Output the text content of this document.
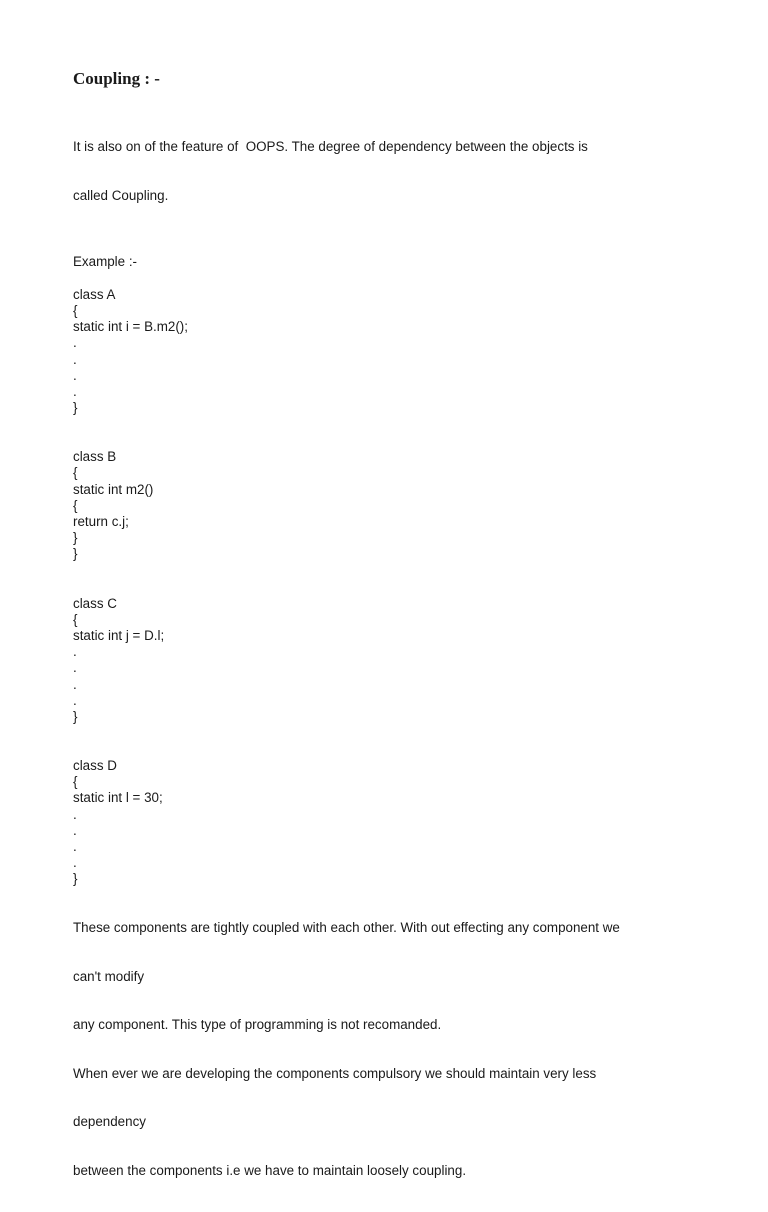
Coupling : -

It is also on of the feature of  OOPS. The degree of dependency between the objects is

called Coupling.

Example :-
class A
{
static int i = B.m2();
.
.
.
.
}
class B
{
static int m2()
{
return c.j;
}
}
class C
{
static int j = D.l;
.
.
.
.
}
class D
{
static int l = 30;
.
.
.
.
}

These components are tightly coupled with each other. With out effecting any component we

can't modify

any component. This type of programming is not recomanded.

When ever we are developing the components compulsory we should maintain very less

dependency

between the components i.e we have to maintain loosely coupling.
